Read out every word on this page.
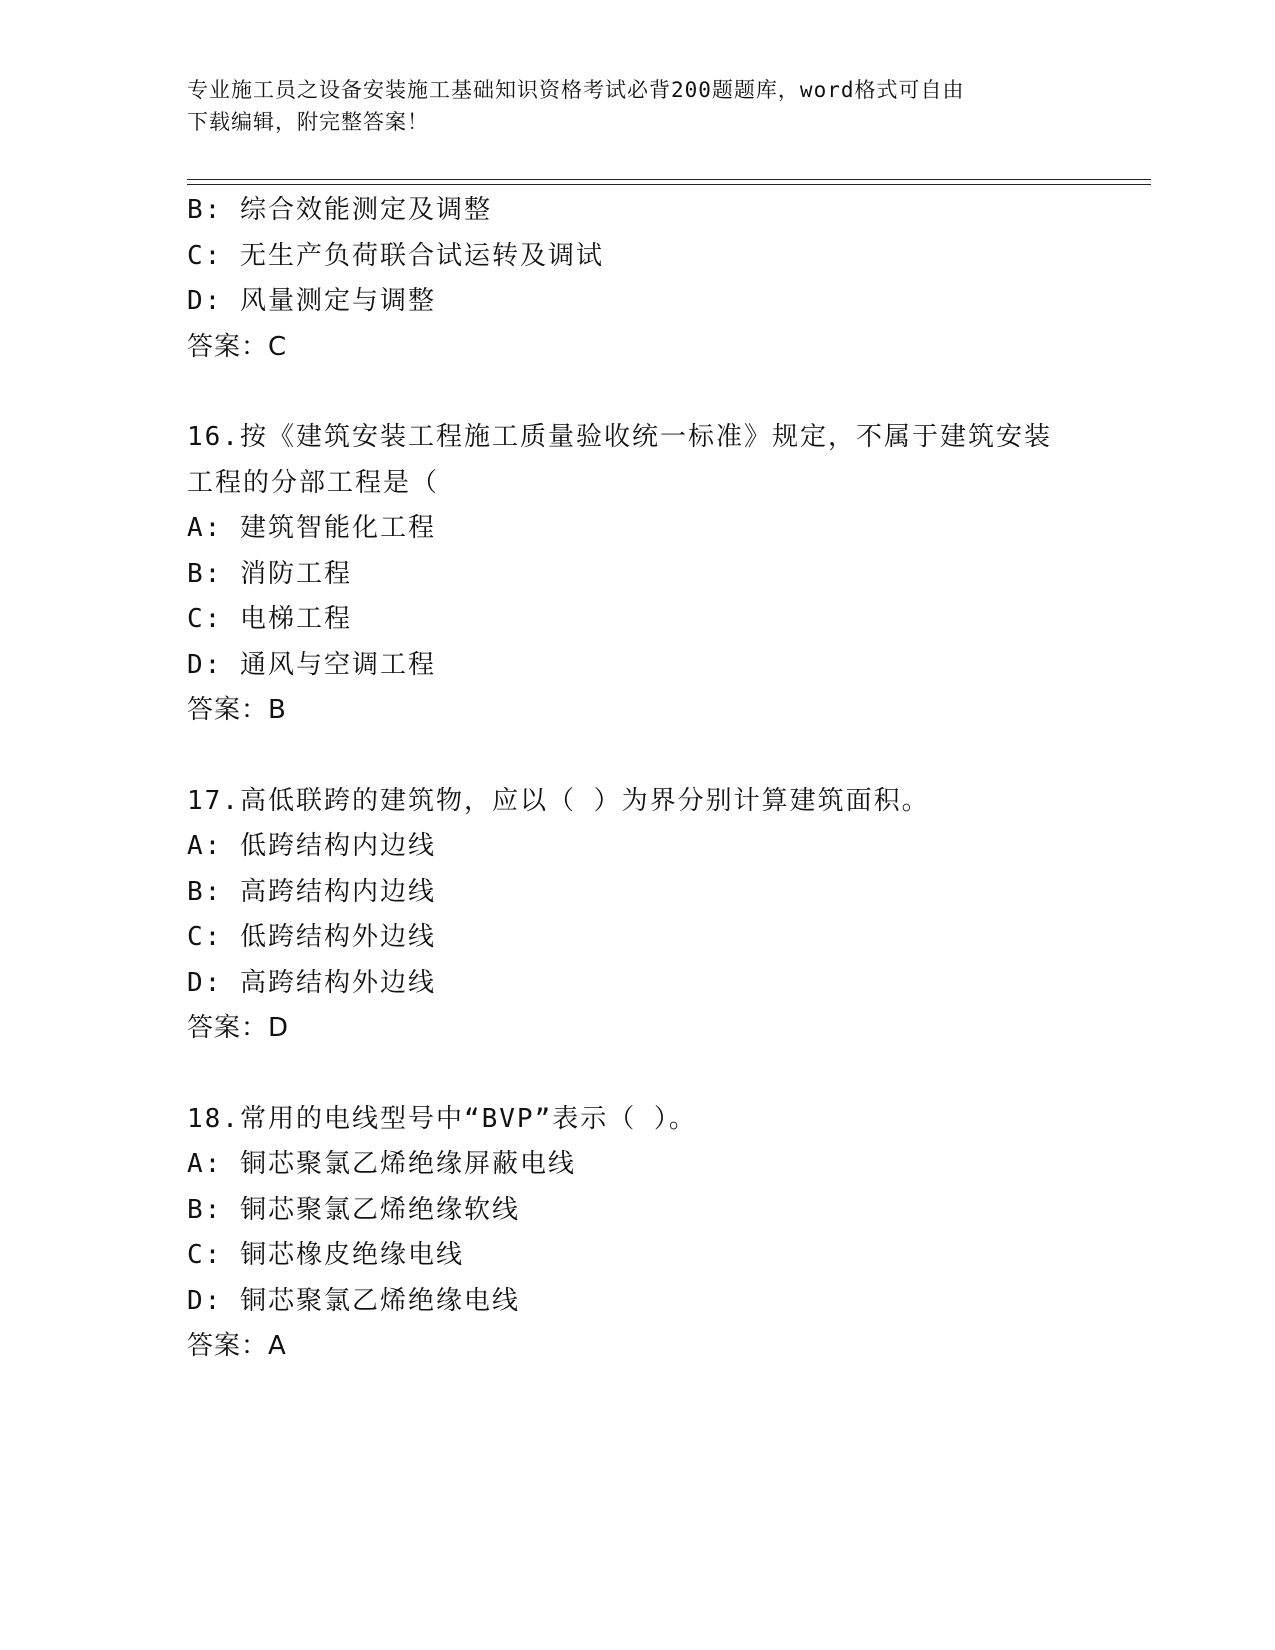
专业施工员之设备安装施工基础知识资格考试必背200题题库，word格式可自由
下载编辑，附完整答案！
B: 综合效能测定及调整
C: 无生产负荷联合试运转及调试
D: 风量测定与调整
答案：C
16.按《建筑安装工程施工质量验收统一标准》规定，不属于建筑安装
工程的分部工程是（
A: 建筑智能化工程
B: 消防工程
C: 电梯工程
D: 通风与空调工程
答案：B
17.高低联跨的建筑物，应以（ ）为界分别计算建筑面积。
A: 低跨结构内边线
B: 高跨结构内边线
C: 低跨结构外边线
D: 高跨结构外边线
答案：D
18.常用的电线型号中“BVP”表示（ ）。
A: 铜芯聚氯乙烯绝缘屏蔽电线
B: 铜芯聚氯乙烯绝缘软线
C: 铜芯橡皮绝缘电线
D: 铜芯聚氯乙烯绝缘电线
答案：A
